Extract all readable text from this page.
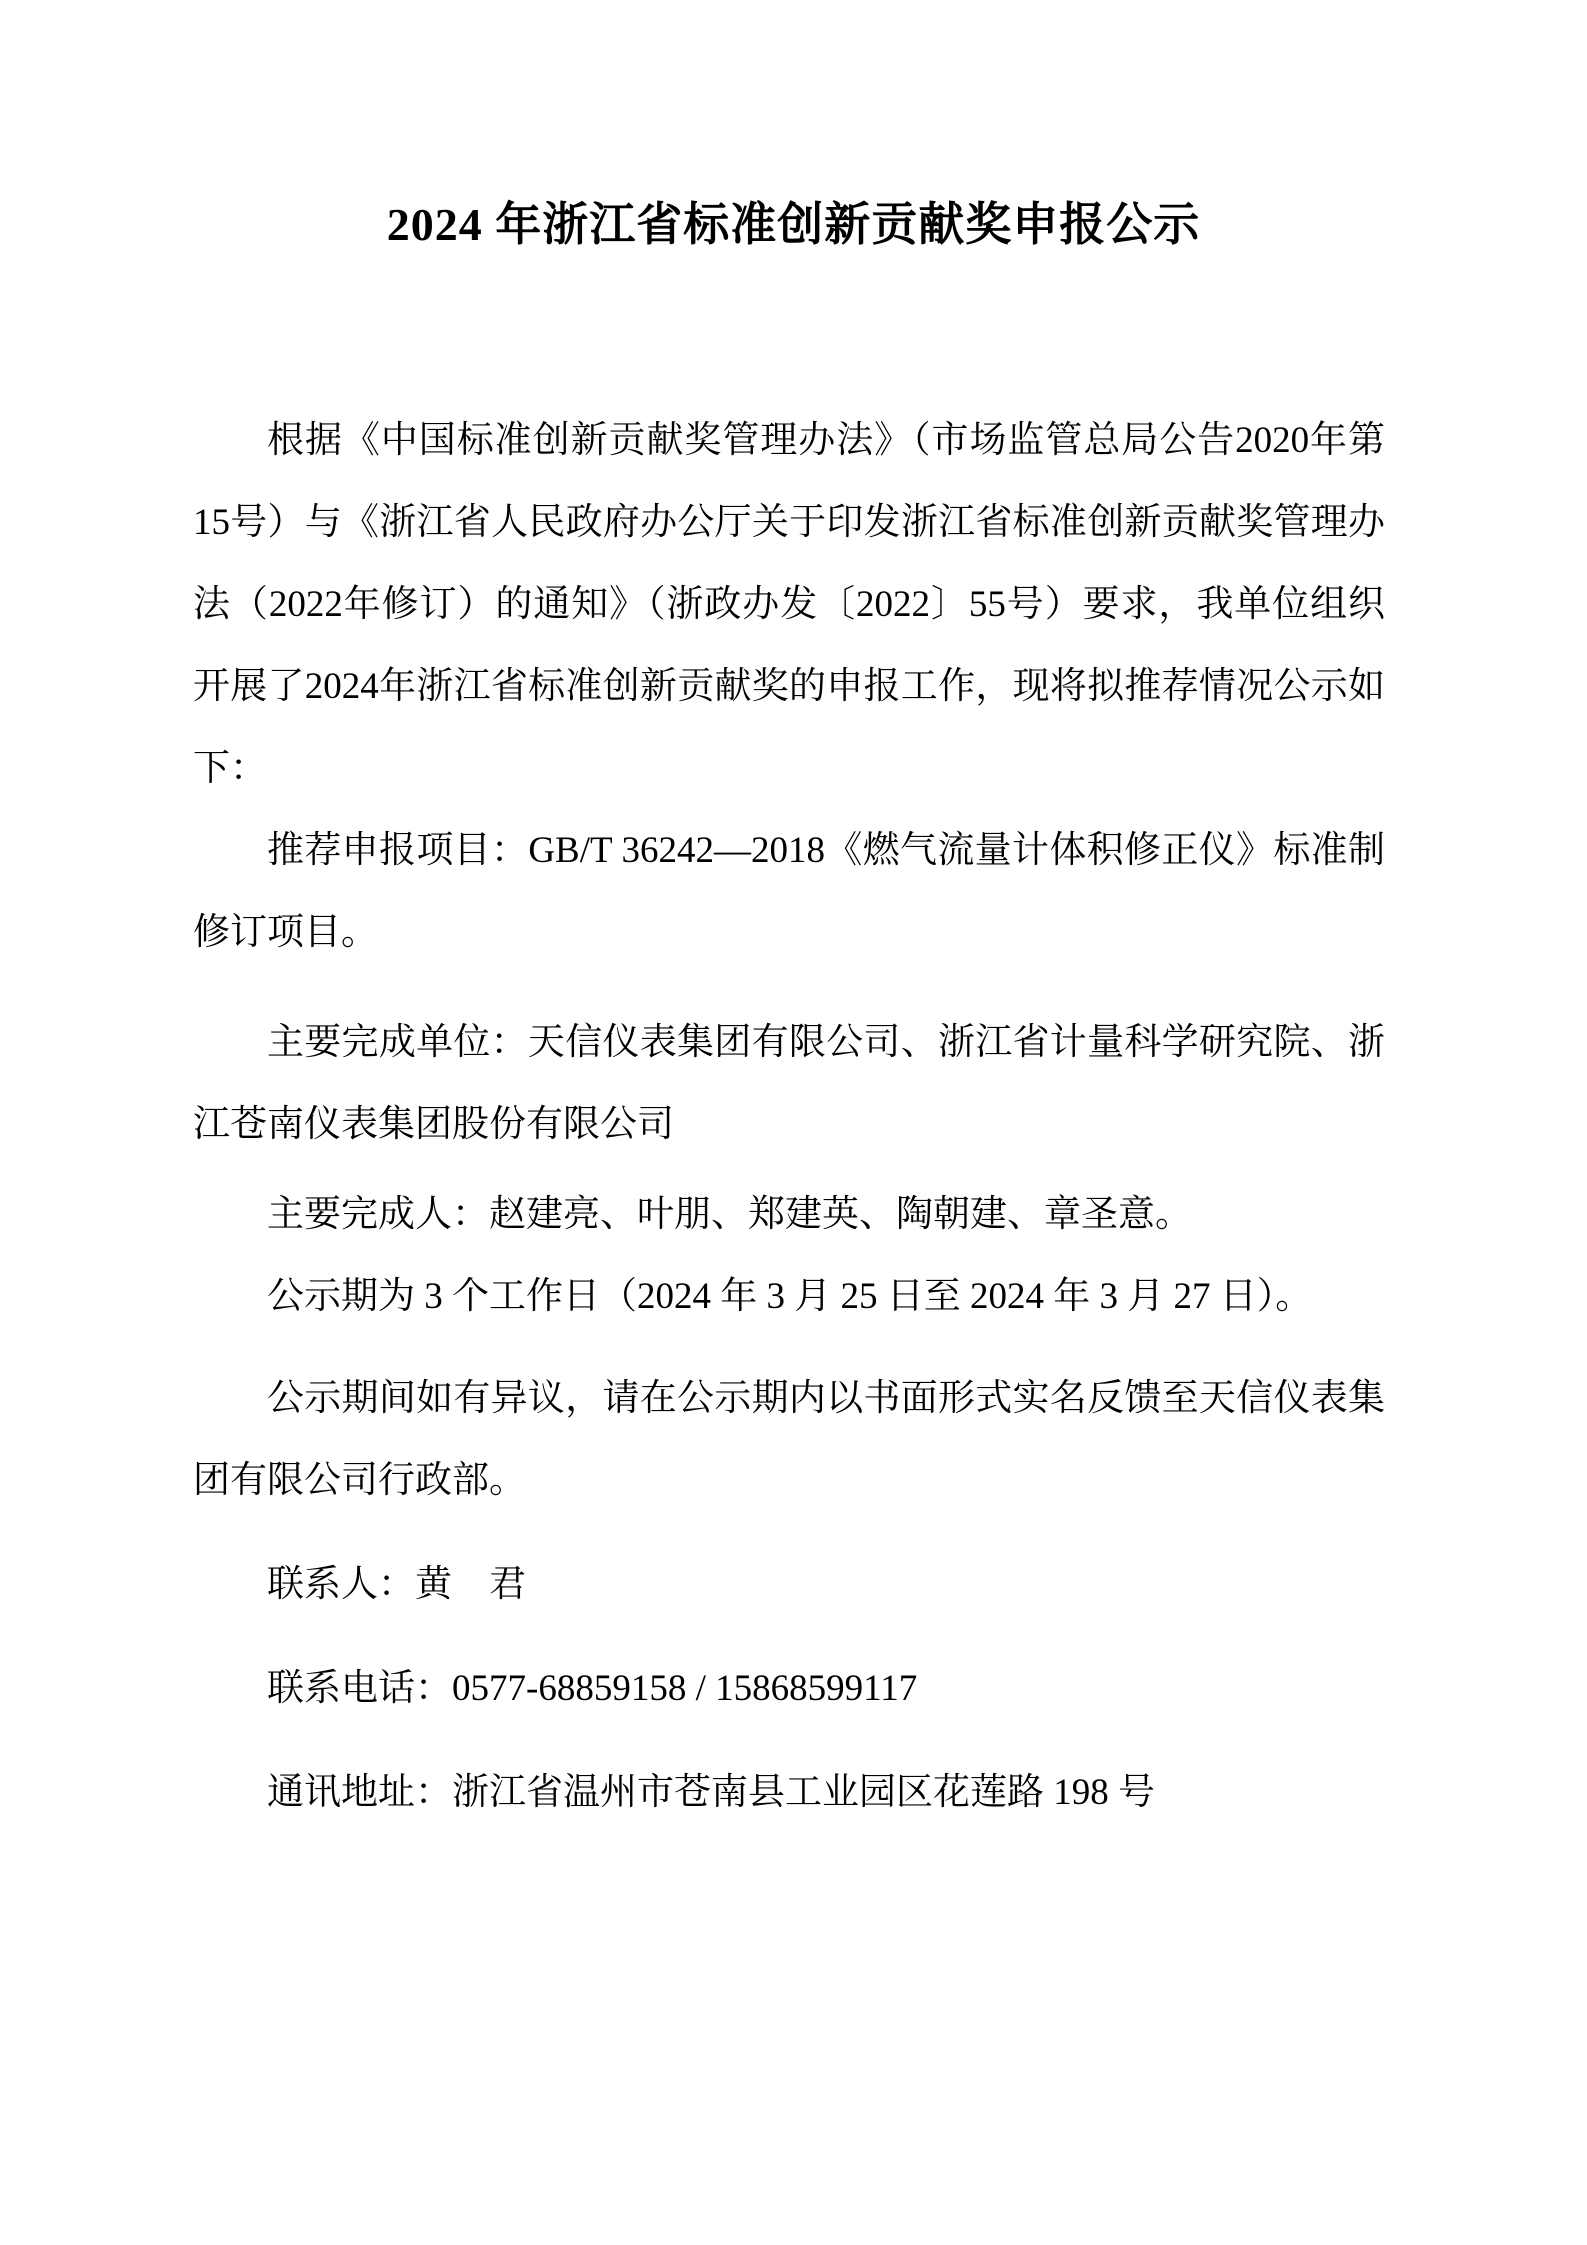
2024 年浙江省标准创新贡献奖申报公示

根据《中国标准创新贡献奖管理办法》（市场监管总局公告2020年第
15号）与《浙江省人民政府办公厅关于印发浙江省标准创新贡献奖管理办
法（2022年修订）的通知》（浙政办发〔2022〕55号）要求，我单位组织
开展了2024年浙江省标准创新贡献奖的申报工作，现将拟推荐情况公示如
下：

推荐申报项目：GB/T 36242—2018《燃气流量计体积修正仪》标准制
修订项目。

主要完成单位：天信仪表集团有限公司、浙江省计量科学研究院、浙
江苍南仪表集团股份有限公司

主要完成人：赵建亮、叶朋、郑建英、陶朝建、章圣意。

公示期为 3 个工作日（2024 年 3 月 25 日至 2024 年 3 月 27 日）。

公示期间如有异议，请在公示期内以书面形式实名反馈至天信仪表集
团有限公司行政部。

联系人：黄　君

联系电话：0577-68859158 / 15868599117

通讯地址：浙江省温州市苍南县工业园区花莲路 198 号
